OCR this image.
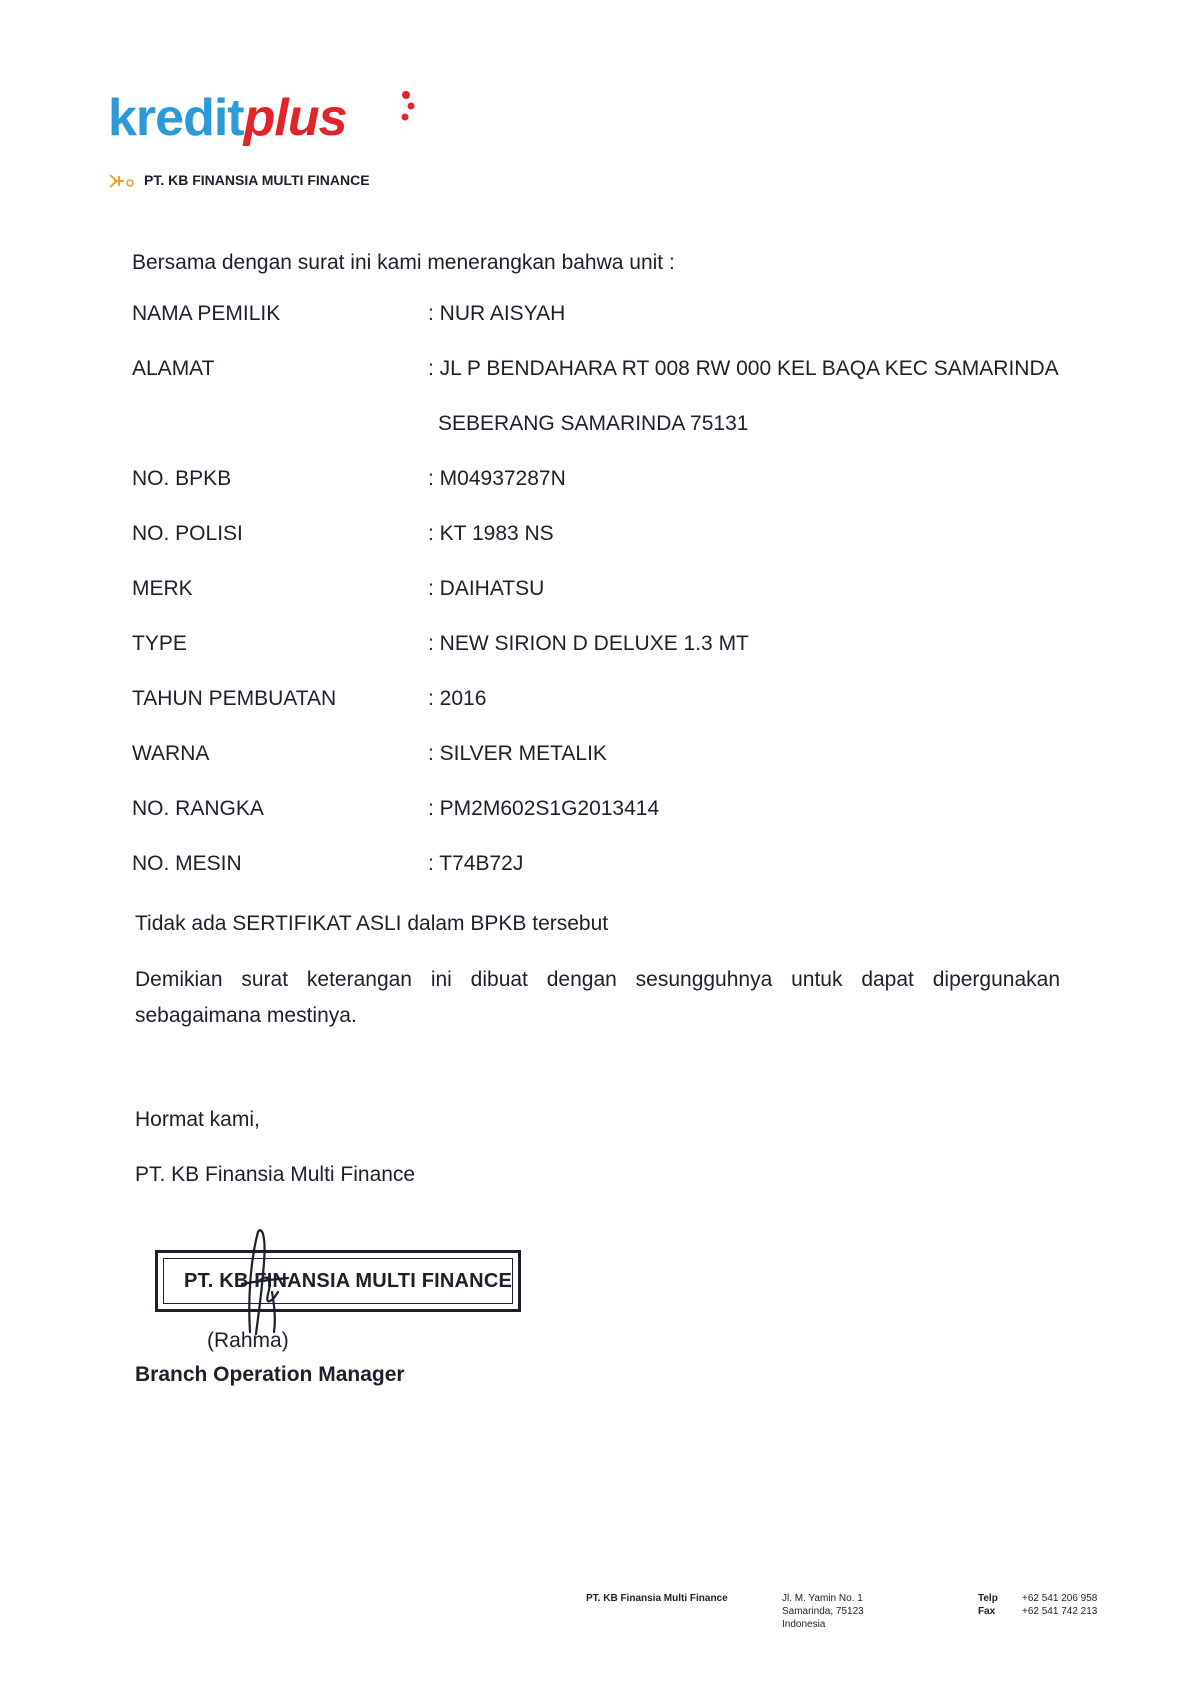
kreditplus
PT. KB FINANSIA MULTI FINANCE
Bersama dengan surat ini kami menerangkan bahwa unit :
NAMA PEMILIK	: NUR AISYAH
ALAMAT	: JL P BENDAHARA RT 008 RW 000 KEL BAQA KEC SAMARINDA
SEBERANG SAMARINDA 75131
NO. BPKB	: M04937287N
NO. POLISI	: KT 1983 NS
MERK	: DAIHATSU
TYPE	: NEW SIRION D DELUXE 1.3 MT
TAHUN PEMBUATAN	: 2016
WARNA	: SILVER METALIK
NO. RANGKA	: PM2M602S1G2013414
NO. MESIN	: T74B72J
Tidak ada SERTIFIKAT ASLI dalam BPKB tersebut
Demikian surat keterangan ini dibuat dengan sesungguhnya untuk dapat dipergunakan sebagaimana mestinya.
Hormat kami,
PT. KB Finansia Multi Finance
PT. KB FINANSIA MULTI FINANCE
(Rahma)
Branch Operation Manager
PT. KB Finansia Multi Finance	Jl. M. Yamin No. 1
Samarinda, 75123
Indonesia
Telp
Fax
+62 541 206 958
+62 541 742 213
